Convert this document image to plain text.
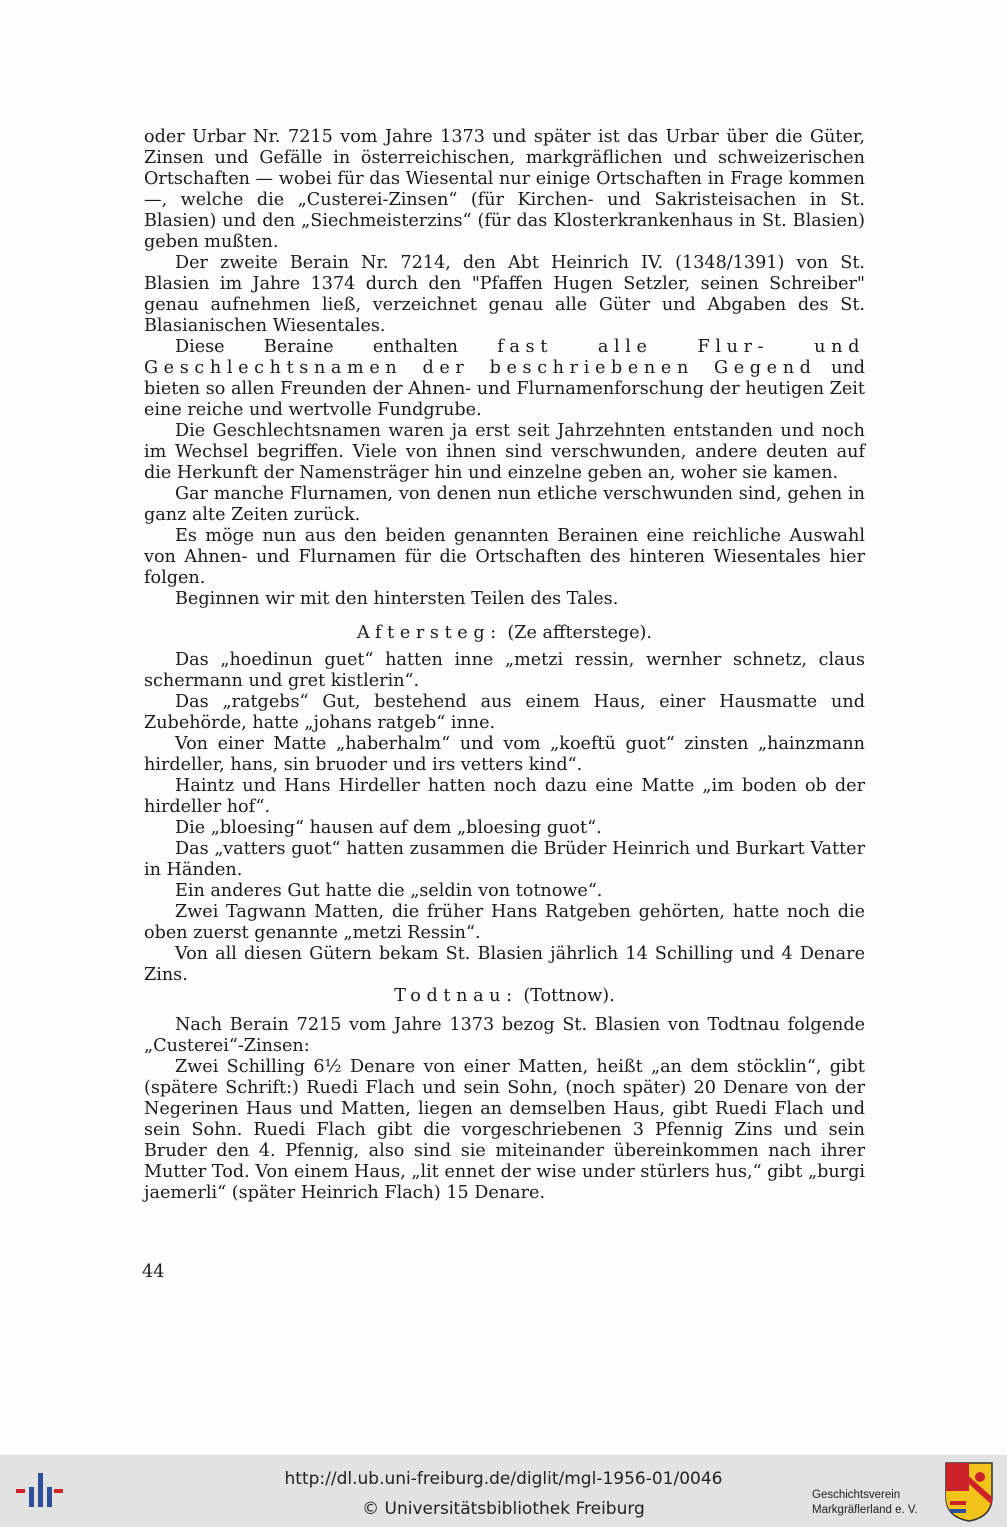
oder Urbar Nr. 7215 vom Jahre 1373 und später ist das Urbar über die Güter, Zinsen und Gefälle in österreichischen, markgräflichen und schweizerischen Ortschaften — wobei für das Wiesental nur einige Ortschaften in Frage kommen —, welche die „Custerei-Zinsen“ (für Kirchen- und Sakristeisachen in St. Blasien) und den „Siechmeisterzins“ (für das Klosterkrankenhaus in St. Blasien) geben mußten.

Der zweite Berain Nr. 7214, den Abt Heinrich IV. (1348/1391) von St. Blasien im Jahre 1374 durch den "Pfaffen Hugen Setzler, seinen Schreiber" genau aufnehmen ließ, verzeichnet genau alle Güter und Abgaben des St. Blasianischen Wiesentales.

Diese Beraine enthalten fast alle Flur- und Geschlechtsnamen der beschriebenen Gegend und bieten so allen Freunden der Ahnen- und Flurnamenforschung der heutigen Zeit eine reiche und wertvolle Fundgrube.

Die Geschlechtsnamen waren ja erst seit Jahrzehnten entstanden und noch im Wechsel begriffen. Viele von ihnen sind verschwunden, andere deuten auf die Herkunft der Namensträger hin und einzelne geben an, woher sie kamen.

Gar manche Flurnamen, von denen nun etliche verschwunden sind, gehen in ganz alte Zeiten zurück.

Es möge nun aus den beiden genannten Berainen eine reichliche Auswahl von Ahnen- und Flurnamen für die Ortschaften des hinteren Wiesentales hier folgen.

Beginnen wir mit den hintersten Teilen des Tales.

Aftersteg: (Ze affterstege).

Das „hoedinun guet“ hatten inne „metzi ressin, wernher schnetz, claus schermann und gret kistlerin“.

Das „ratgebs“ Gut, bestehend aus einem Haus, einer Hausmatte und Zubehörde, hatte „johans ratgeb“ inne.

Von einer Matte „haberhalm“ und vom „koeftü guot“ zinsten „hainzmann hirdeller, hans, sin bruoder und irs vetters kind“.

Haintz und Hans Hirdeller hatten noch dazu eine Matte „im boden ob der hirdeller hof“.

Die „bloesing“ hausen auf dem „bloesing guot“.

Das „vatters guot“ hatten zusammen die Brüder Heinrich und Burkart Vatter in Händen.

Ein anderes Gut hatte die „seldin von totnowe“.

Zwei Tagwann Matten, die früher Hans Ratgeben gehörten, hatte noch die oben zuerst genannte „metzi Ressin“.

Von all diesen Gütern bekam St. Blasien jährlich 14 Schilling und 4 Denare Zins.

Todtnau: (Tottnow).

Nach Berain 7215 vom Jahre 1373 bezog St. Blasien von Todtnau folgende „Custerei“-Zinsen:

Zwei Schilling 6½ Denare von einer Matten, heißt „an dem stöcklin“, gibt (spätere Schrift:) Ruedi Flach und sein Sohn, (noch später) 20 Denare von der Negerinen Haus und Matten, liegen an demselben Haus, gibt Ruedi Flach und sein Sohn. Ruedi Flach gibt die vorgeschriebenen 3 Pfennig Zins und sein Bruder den 4. Pfennig, also sind sie miteinander übereinkommen nach ihrer Mutter Tod. Von einem Haus, „lit ennet der wise under stürlers hus,“ gibt „burgi jaemerli“ (später Heinrich Flach) 15 Denare.

44
http://dl.ub.uni-freiburg.de/diglit/mgl-1956-01/0046
© Universitätsbibliothek Freiburg
Geschichtsverein
Markgräflerland e. V.
